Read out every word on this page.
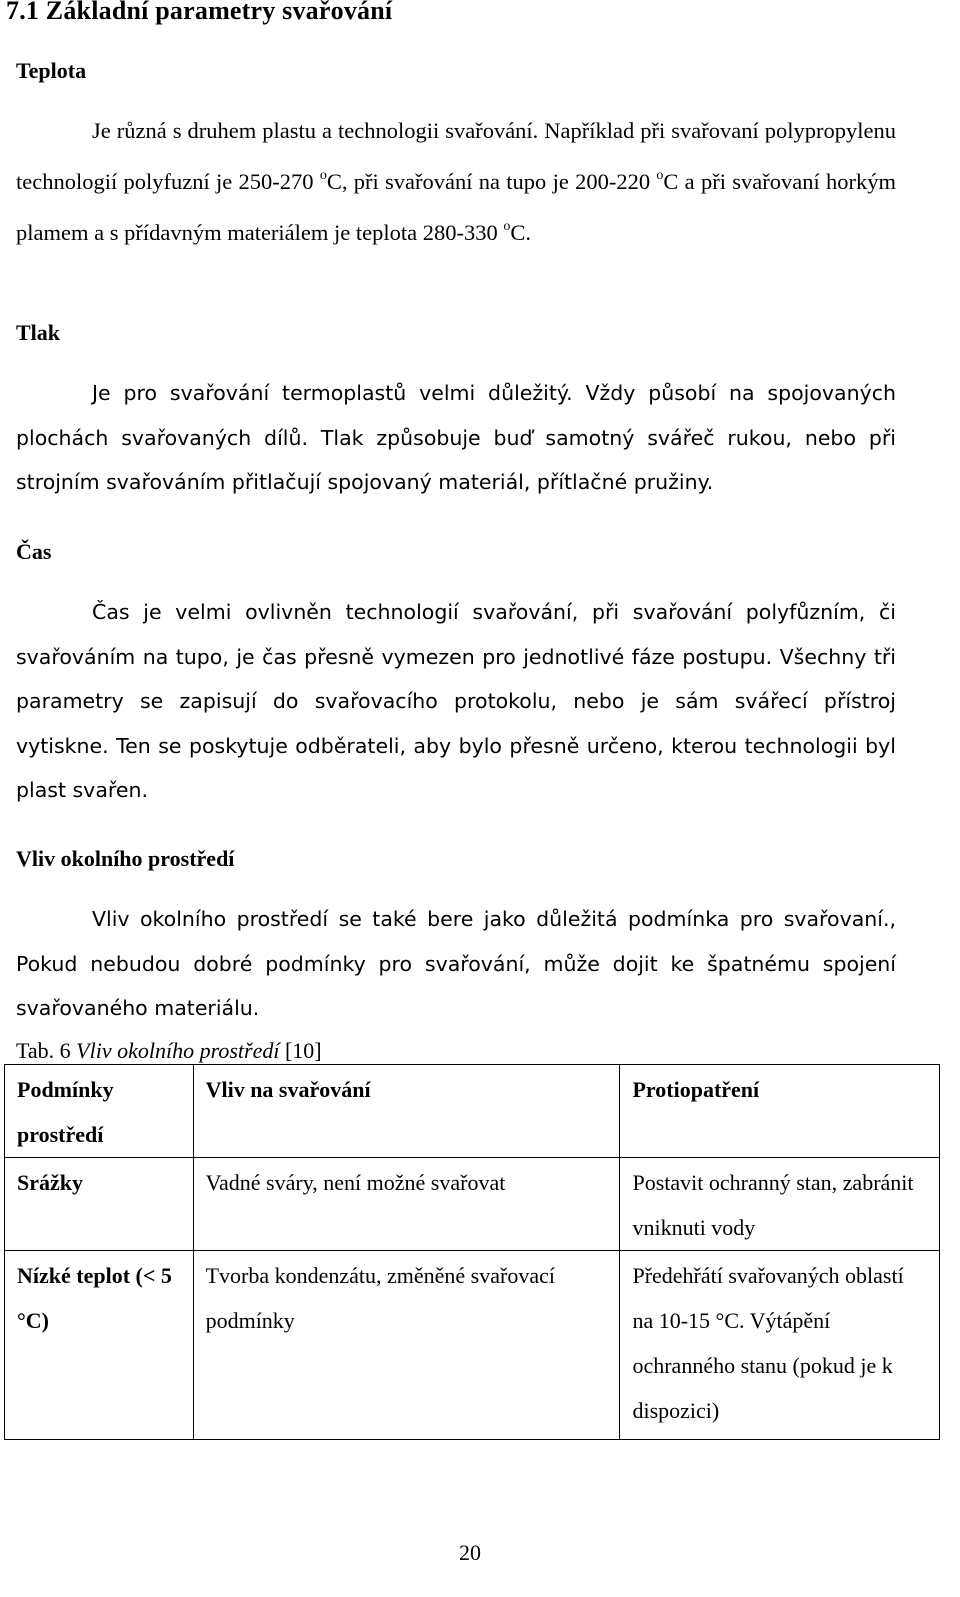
7.1 Základní parametry svařování
Teplota

Je různá s druhem plastu a technologii svařování. Například při svařovaní polypropylenu technologií polyfuzní je 250-270 $^o$C, při svařování na tupo je 200-220 $^o$C a při svařovaní horkým plamem a s přídavným materiálem je teplota 280-330 $^o$C.

Tlak

Je pro svařování termoplastů velmi důležitý. Vždy působí na spojovaných plochách svařovaných dílů. Tlak způsobuje buď samotný svářeč rukou, nebo při strojním svařováním přitlačují spojovaný materiál, přítlačné pružiny.

Čas

Čas je velmi ovlivněn technologií svařování, při svařování polyfůzním, či svařováním na tupo, je čas přesně vymezen pro jednotlivé fáze postupu. Všechny tři parametry se zapisují do svařovacího protokolu, nebo je sám svářecí přístroj vytiskne. Ten se poskytuje odběrateli, aby bylo přesně určeno, kterou technologii byl plast svařen.

Vliv okolního prostředí

Vliv okolního prostředí se také bere jako důležitá podmínka pro svařovaní., Pokud nebudou dobré podmínky pro svařování, může dojit ke špatnému spojení svařovaného materiálu.

Tab. 6 Vliv okolního prostředí [10]
Podmínky prostředí	Vliv na svařování	Protiopatření
Srážky	Vadné sváry, není možné svařovat	Postavit ochranný stan, zabránit vniknuti vody
Nízké teplot (< 5 °C)	Tvorba kondenzátu, změněné svařovací podmínky	Předehřátí svařovaných oblastí na 10-15 °C. Výtápění ochranného stanu (pokud je k dispozici)
20
